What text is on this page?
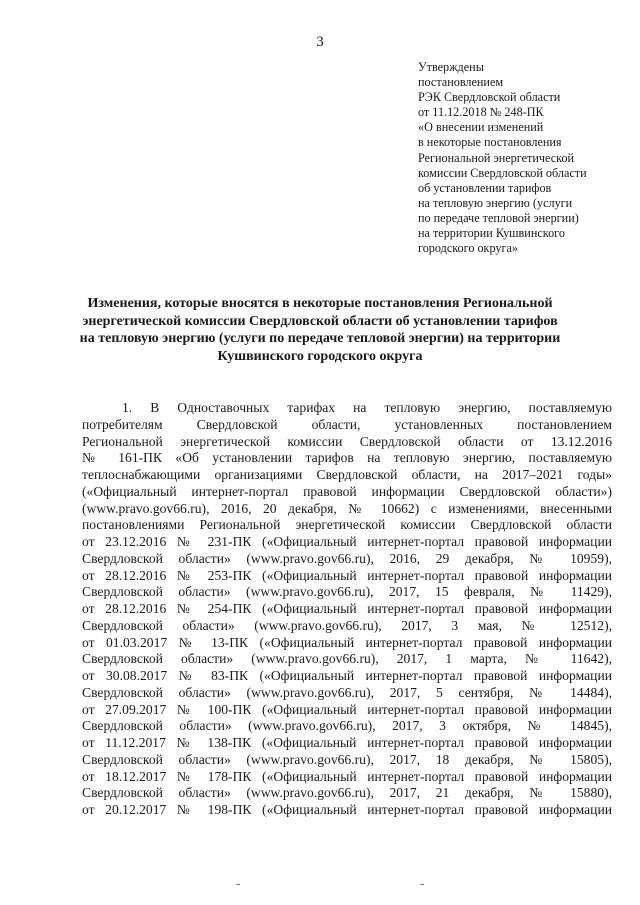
3
Утверждены
постановлением
РЭК Свердловской области
от 11.12.2018 № 248-ПК
«О внесении изменений
в некоторые постановления
Региональной энергетической
комиссии Свердловской области
об установлении тарифов
на тепловую энергию (услуги
по передаче тепловой энергии)
на территории Кушвинского
городского округа»
Изменения, которые вносятся в некоторые постановления Региональной
энергетической комиссии Свердловской области об установлении тарифов
на тепловую энергию (услуги по передаче тепловой энергии) на территории
Кушвинского городского округа
1. В Одноставочных тарифах на тепловую энергию, поставляемую
потребителям Свердловской области, установленных постановлением
Региональной энергетической комиссии Свердловской области от 13.12.2016
№ 161-ПК «Об установлении тарифов на тепловую энергию, поставляемую
теплоснабжающими организациями Свердловской области, на 2017–2021 годы»
(«Официальный интернет-портал правовой информации Свердловской области»)
(www.pravo.gov66.ru), 2016, 20 декабря, № 10662) с изменениями, внесенными
постановлениями Региональной энергетической комиссии Свердловской области
от 23.12.2016 № 231-ПК («Официальный интернет-портал правовой информации
Свердловской области» (www.pravo.gov66.ru), 2016, 29 декабря, № 10959),
от 28.12.2016 № 253-ПК («Официальный интернет-портал правовой информации
Свердловской области» (www.pravo.gov66.ru), 2017, 15 февраля, № 11429),
от 28.12.2016 № 254-ПК («Официальный интернет-портал правовой информации
Свердловской области» (www.pravo.gov66.ru), 2017, 3 мая, № 12512),
от 01.03.2017 № 13-ПК («Официальный интернет-портал правовой информации
Свердловской области» (www.pravo.gov66.ru), 2017, 1 марта, № 11642),
от 30.08.2017 № 83-ПК («Официальный интернет-портал правовой информации
Свердловской области» (www.pravo.gov66.ru), 2017, 5 сентября, № 14484),
от 27.09.2017 № 100-ПК («Официальный интернет-портал правовой информации
Свердловской области» (www.pravo.gov66.ru), 2017, 3 октября, № 14845),
от 11.12.2017 № 138-ПК («Официальный интернет-портал правовой информации
Свердловской области» (www.pravo.gov66.ru), 2017, 18 декабря, № 15805),
от 18.12.2017 № 178-ПК («Официальный интернет-портал правовой информации
Свердловской области» (www.pravo.gov66.ru), 2017, 21 декабря, № 15880),
от 20.12.2017 № 198-ПК («Официальный интернет-портал правовой информации
